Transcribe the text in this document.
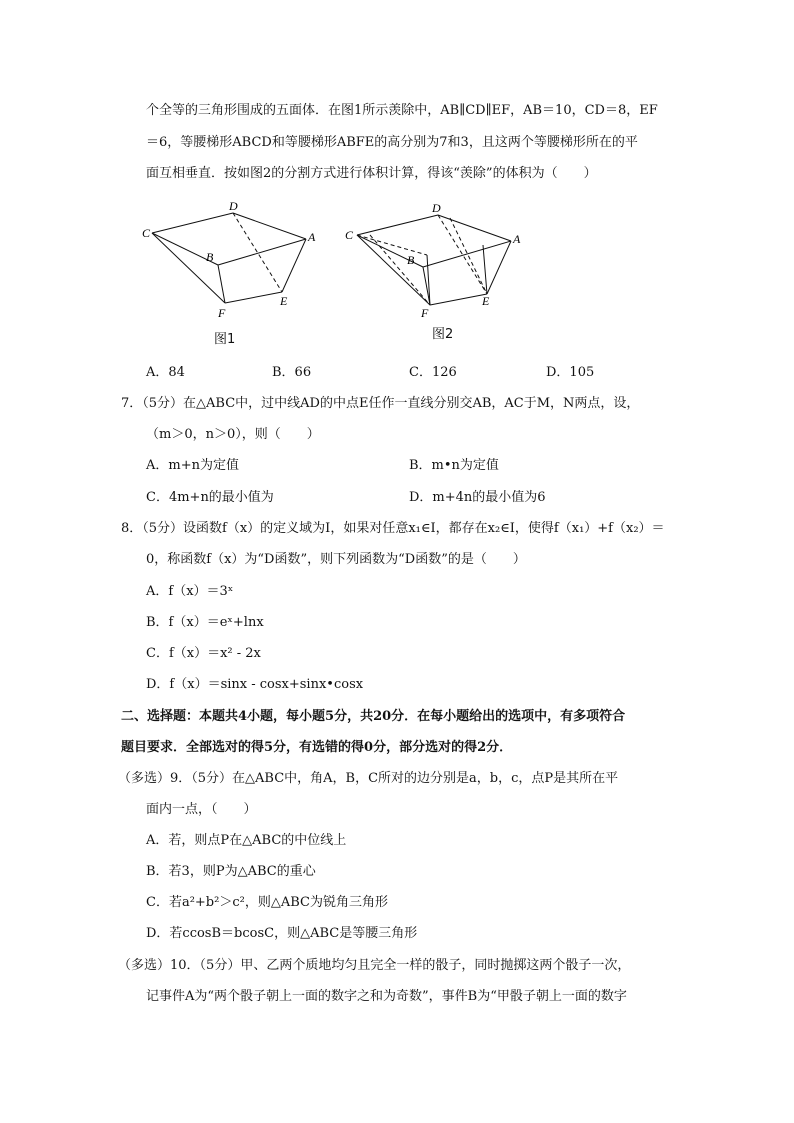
个全等的三角形围成的五面体．在图1所示羡除中，AB∥CD∥EF，AB＝10，CD＝8，EF
＝6，等腰梯形ABCD和等腰梯形ABFE的高分别为7和3，且这两个等腰梯形所在的平
面互相垂直．按如图2的分割方式进行体积计算，得该“羡除”的体积为（　　）
C
D
A
B
F
E
图1
C
D
A
B
F
E
图2
A．84	B．66	C．126	D．105
7．（5分）在△ABC中，过中线AD的中点E任作一直线分别交AB，AC于M，N两点，设，
（m＞0，n＞0），则（　　）
A．m+n为定值	B．m•n为定值
C．4m+n的最小值为	D．m+4n的最小值为6
8．（5分）设函数f（x）的定义域为I，如果对任意x₁∈I，都存在x₂∈I，使得f（x₁）+f（x₂）＝
0，称函数f（x）为“D函数”，则下列函数为“D函数”的是（　　）
A．f（x）＝3ˣ
B．f（x）＝eˣ+lnx
C．f（x）＝x² - 2x
D．f（x）＝sinx - cosx+sinx•cosx
二、选择题：本题共4小题，每小题5分，共20分．在每小题给出的选项中，有多项符合
题目要求．全部选对的得5分，有选错的得0分，部分选对的得2分．
（多选）9．（5分）在△ABC中，角A，B，C所对的边分别是a，b，c，点P是其所在平
面内一点，（　　）
A．若，则点P在△ABC的中位线上
B．若3，则P为△ABC的重心
C．若a²+b²＞c²，则△ABC为锐角三角形
D．若ccosB＝bcosC，则△ABC是等腰三角形
（多选）10．（5分）甲、乙两个质地均匀且完全一样的骰子，同时抛掷这两个骰子一次，
记事件A为“两个骰子朝上一面的数字之和为奇数”，事件B为“甲骰子朝上一面的数字
